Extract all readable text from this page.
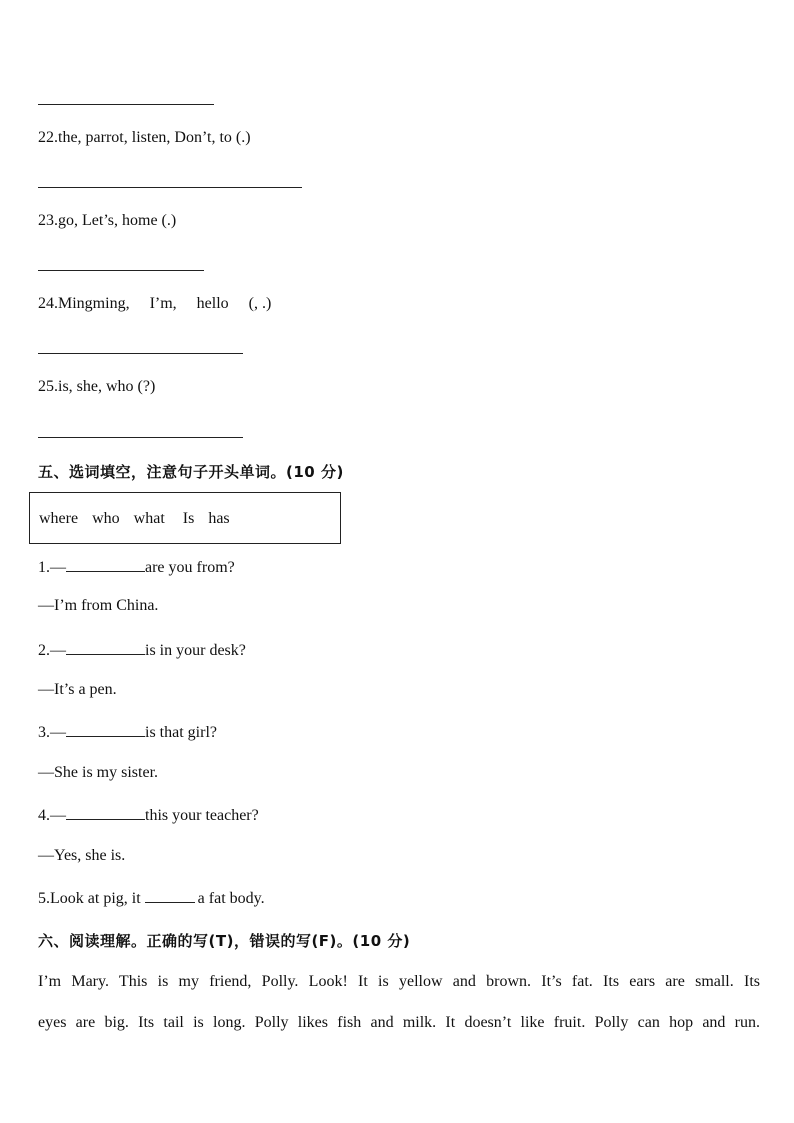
22.the, parrot, listen, Don’t, to (.)
23.go, Let’s, home (.)
24.Mingming,     I’m,     hello     (, .)
25.is, she, who (?)
五、选词填空，注意句子开头单词。(10 分)
where who what Is has
1.—	are you from?
—I’m from China.
2.—	is in your desk?
—It’s a pen.
3.—	is that girl?
—She is my sister.
4.—	this your teacher?
—Yes, she is.
5.Look at pig, it	a fat body.
六、阅读理解。正确的写(T)，错误的写(F)。(10 分)
I’m Mary. This is my friend, Polly. Look! It is yellow and brown. It’s fat. Its ears are small. Its
eyes are big. Its tail is long. Polly likes fish and milk. It doesn’t like fruit. Polly can hop and run.
